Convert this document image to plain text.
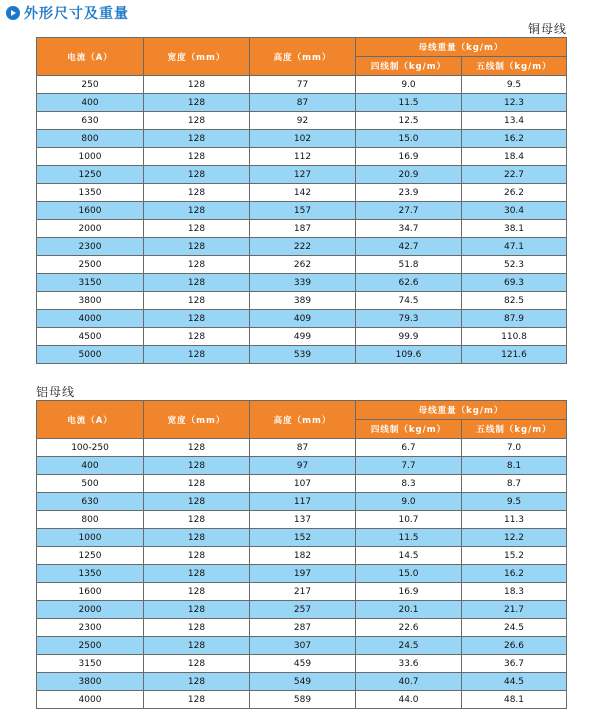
外形尺寸及重量
铜母线
电流（A）	宽度（mm）	高度（mm）	母线重量（kg/m）	
			四线制（kg/m）	五线制（kg/m）
250	128	77	9.0	9.5
400	128	87	11.5	12.3
630	128	92	12.5	13.4
800	128	102	15.0	16.2
1000	128	112	16.9	18.4
1250	128	127	20.9	22.7
1350	128	142	23.9	26.2
1600	128	157	27.7	30.4
2000	128	187	34.7	38.1
2300	128	222	42.7	47.1
2500	128	262	51.8	52.3
3150	128	339	62.6	69.3
3800	128	389	74.5	82.5
4000	128	409	79.3	87.9
4500	128	499	99.9	110.8
5000	128	539	109.6	121.6
铝母线
电流（A）	宽度（mm）	高度（mm）	母线重量（kg/m）	
			四线制（kg/m）	五线制（kg/m）
100-250	128	87	6.7	7.0
400	128	97	7.7	8.1
500	128	107	8.3	8.7
630	128	117	9.0	9.5
800	128	137	10.7	11.3
1000	128	152	11.5	12.2
1250	128	182	14.5	15.2
1350	128	197	15.0	16.2
1600	128	217	16.9	18.3
2000	128	257	20.1	21.7
2300	128	287	22.6	24.5
2500	128	307	24.5	26.6
3150	128	459	33.6	36.7
3800	128	549	40.7	44.5
4000	128	589	44.0	48.1
